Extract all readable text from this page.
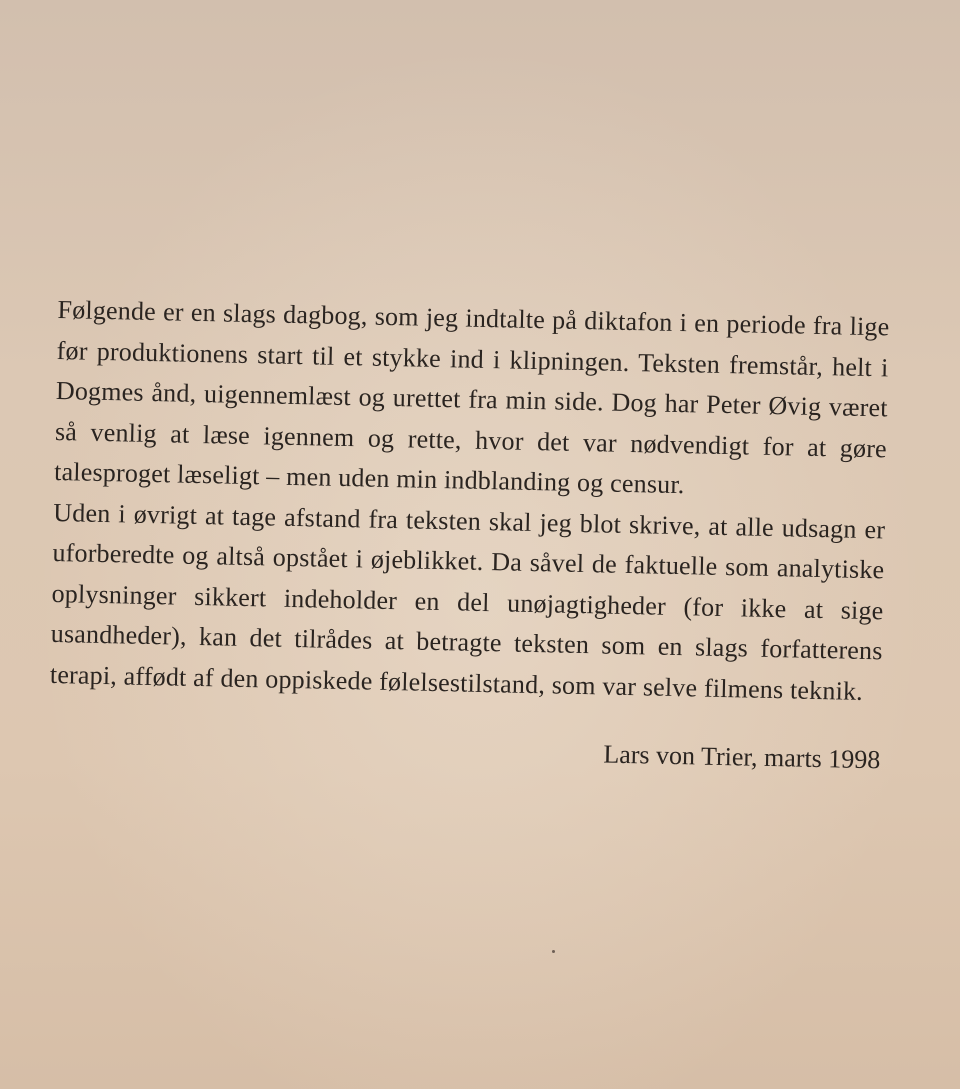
Følgende er en slags dagbog, som jeg indtalte på diktafon i en periode fra lige før produktionens start til et stykke ind i klipningen. Teksten fremstår, helt i Dogmes ånd, uigennemlæst og urettet fra min side. Dog har Peter Øvig været så venlig at læse igennem og rette, hvor det var nødvendigt for at gøre talesproget læseligt – men uden min indblanding og censur.

Uden i øvrigt at tage afstand fra teksten skal jeg blot skrive, at alle udsagn er uforberedte og altså opstået i øjeblikket. Da såvel de faktuelle som analytiske oplysninger sikkert indeholder en del unøjagtigheder (for ikke at sige usandheder), kan det tilrådes at betragte teksten som en slags forfatterens terapi, affødt af den oppiskede følelsestilstand, som var selve filmens teknik.

Lars von Trier, marts 1998
